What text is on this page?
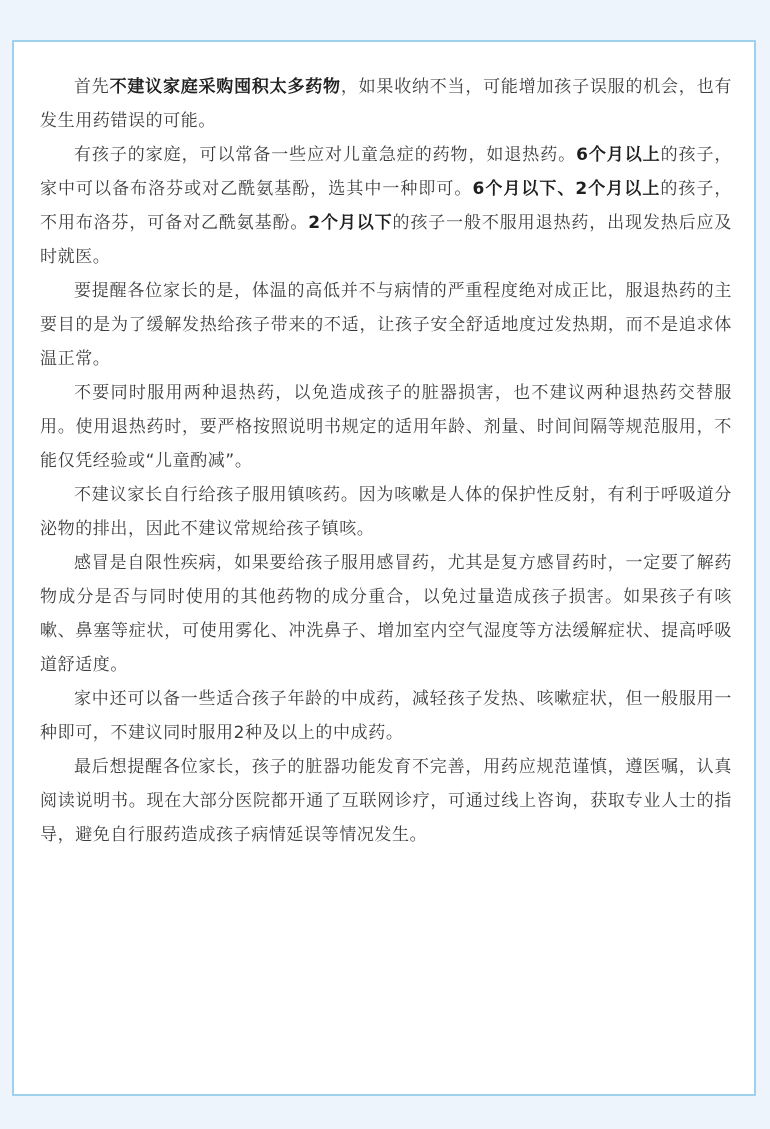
首先不建议家庭采购囤积太多药物，如果收纳不当，可能增加孩子误服的机会，也有发生用药错误的可能。

有孩子的家庭，可以常备一些应对儿童急症的药物，如退热药。6个月以上的孩子，家中可以备布洛芬或对乙酰氨基酚，选其中一种即可。6个月以下、2个月以上的孩子，不用布洛芬，可备对乙酰氨基酚。2个月以下的孩子一般不服用退热药，出现发热后应及时就医。

要提醒各位家长的是，体温的高低并不与病情的严重程度绝对成正比，服退热药的主要目的是为了缓解发热给孩子带来的不适，让孩子安全舒适地度过发热期，而不是追求体温正常。

不要同时服用两种退热药，以免造成孩子的脏器损害，也不建议两种退热药交替服用。使用退热药时，要严格按照说明书规定的适用年龄、剂量、时间间隔等规范服用，不能仅凭经验或“儿童酌减”。

不建议家长自行给孩子服用镇咳药。因为咳嗽是人体的保护性反射，有利于呼吸道分泌物的排出，因此不建议常规给孩子镇咳。

感冒是自限性疾病，如果要给孩子服用感冒药，尤其是复方感冒药时，一定要了解药物成分是否与同时使用的其他药物的成分重合，以免过量造成孩子损害。如果孩子有咳嗽、鼻塞等症状，可使用雾化、冲洗鼻子、增加室内空气湿度等方法缓解症状、提高呼吸道舒适度。

家中还可以备一些适合孩子年龄的中成药，减轻孩子发热、咳嗽症状，但一般服用一种即可，不建议同时服用2种及以上的中成药。

最后想提醒各位家长，孩子的脏器功能发育不完善，用药应规范谨慎，遵医嘱，认真阅读说明书。现在大部分医院都开通了互联网诊疗，可通过线上咨询，获取专业人士的指导，避免自行服药造成孩子病情延误等情况发生。
